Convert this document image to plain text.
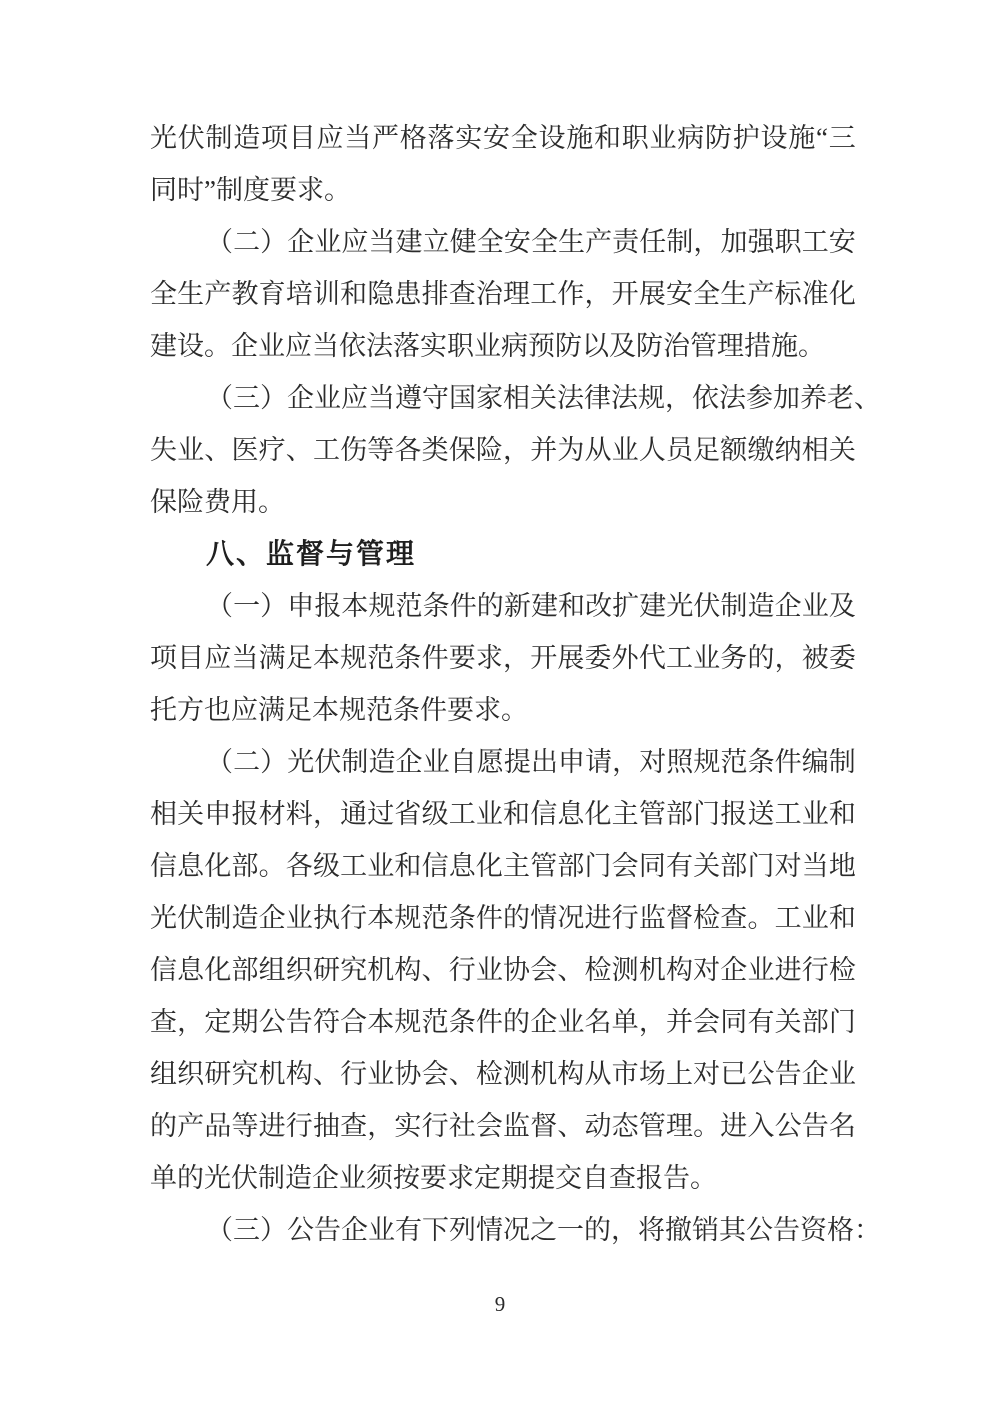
光 伏 制 造 项 目 应 当 严 格 落 实 安 全 设 施 和 职 业 病 防 护 设 施 “ 三
同时”制度要求。
（ 二 ） 企 业 应 当 建 立 健 全 安 全 生 产 责 任 制 ， 加 强 职 工 安
全 生 产 教 育 培 训 和 隐 患 排 查 治 理 工 作 ， 开 展 安 全 生 产 标 准 化
建设。企业应当依法落实职业病预防以及防治管理措施。
（ 三 ） 企 业 应 当 遵 守 国 家 相 关 法 律 法 规 ， 依 法 参 加 养 老 、
失 业 、 医 疗 、 工 伤 等 各 类 保 险 ， 并 为 从 业 人 员 足 额 缴 纳 相 关
保险费用。
八、监督与管理
（ 一 ） 申 报 本 规 范 条 件 的 新 建 和 改 扩 建 光 伏 制 造 企 业 及
项 目 应 当 满 足 本 规 范 条 件 要 求 ， 开 展 委 外 代 工 业 务 的 ， 被 委
托方也应满足本规范条件要求。
（ 二 ） 光 伏 制 造 企 业 自 愿 提 出 申 请 ， 对 照 规 范 条 件 编 制
相 关 申 报 材 料 ， 通 过 省 级 工 业 和 信 息 化 主 管 部 门 报 送 工 业 和
信 息 化 部 。 各 级 工 业 和 信 息 化 主 管 部 门 会 同 有 关 部 门 对 当 地
光 伏 制 造 企 业 执 行 本 规 范 条 件 的 情 况 进 行 监 督 检 查 。 工 业 和
信 息 化 部 组 织 研 究 机 构 、 行 业 协 会 、 检 测 机 构 对 企 业 进 行 检
查 ， 定 期 公 告 符 合 本 规 范 条 件 的 企 业 名 单 ， 并 会 同 有 关 部 门
组 织 研 究 机 构 、 行 业 协 会 、 检 测 机 构 从 市 场 上 对 已 公 告 企 业
的 产 品 等 进 行 抽 查 ， 实 行 社 会 监 督 、 动 态 管 理 。 进 入 公 告 名
单的光伏制造企业须按要求定期提交自查报告。
（ 三 ） 公 告 企 业 有 下 列 情 况 之 一 的 ， 将 撤 销 其 公 告 资 格 ：
9
